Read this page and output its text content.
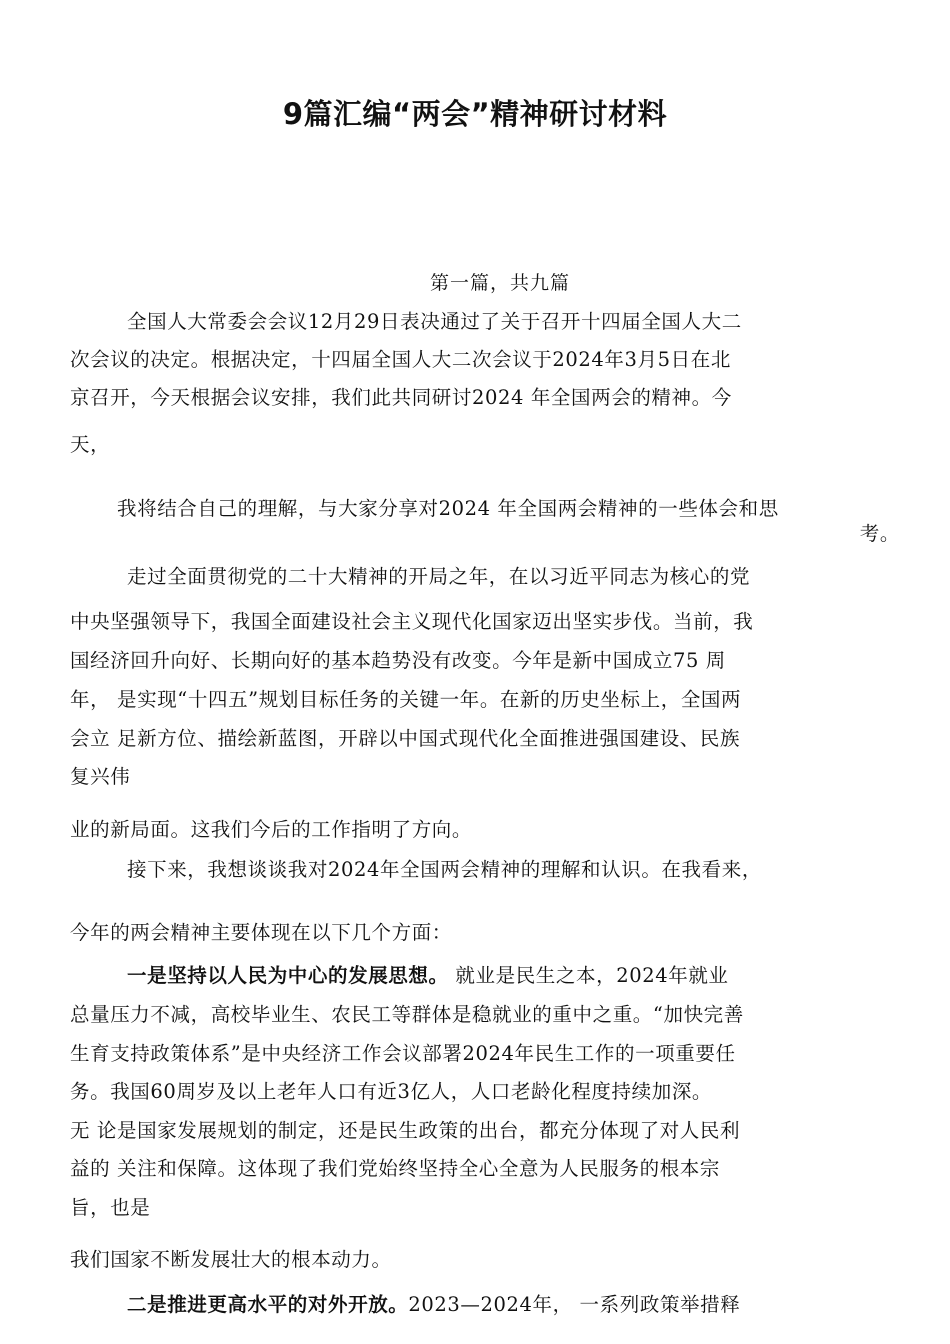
9篇汇编“两会”精神研讨材料
第一篇，共九篇
全国人大常委会会议12月29日表决通过了关于召开十四届全国人大二
次会议的决定。根据决定，十四届全国人大二次会议于2024年3月5日在北
京召开，今天根据会议安排，我们此共同研讨2024 年全国两会的精神。今
天，
我将结合自己的理解，与大家分享对2024 年全国两会精神的一些体会和思
考。
走过全面贯彻党的二十大精神的开局之年，在以习近平同志为核心的党
中央坚强领导下，我国全面建设社会主义现代化国家迈出坚实步伐。当前，我
国经济回升向好、长期向好的基本趋势没有改变。今年是新中国成立75 周
年， 是实现“十四五”规划目标任务的关键一年。在新的历史坐标上，全国两
会立 足新方位、描绘新蓝图，开辟以中国式现代化全面推进强国建设、民族
复兴伟
业的新局面。这我们今后的工作指明了方向。
接下来，我想谈谈我对2024年全国两会精神的理解和认识。在我看来，
今年的两会精神主要体现在以下几个方面：
一是坚持以人民为中心的发展思想。 就业是民生之本，2024年就业
总量压力不减，高校毕业生、农民工等群体是稳就业的重中之重。“加快完善
生育支持政策体系”是中央经济工作会议部署2024年民生工作的一项重要任
务。我国60周岁及以上老年人口有近3亿人，人口老龄化程度持续加深。
无 论是国家发展规划的制定，还是民生政策的出台，都充分体现了对人民利
益的 关注和保障。这体现了我们党始终坚持全心全意为人民服务的根本宗
旨，也是
我们国家不断发展壮大的根本动力。
二是推进更高水平的对外开放。2023—2024年， 一系列政策举措释
